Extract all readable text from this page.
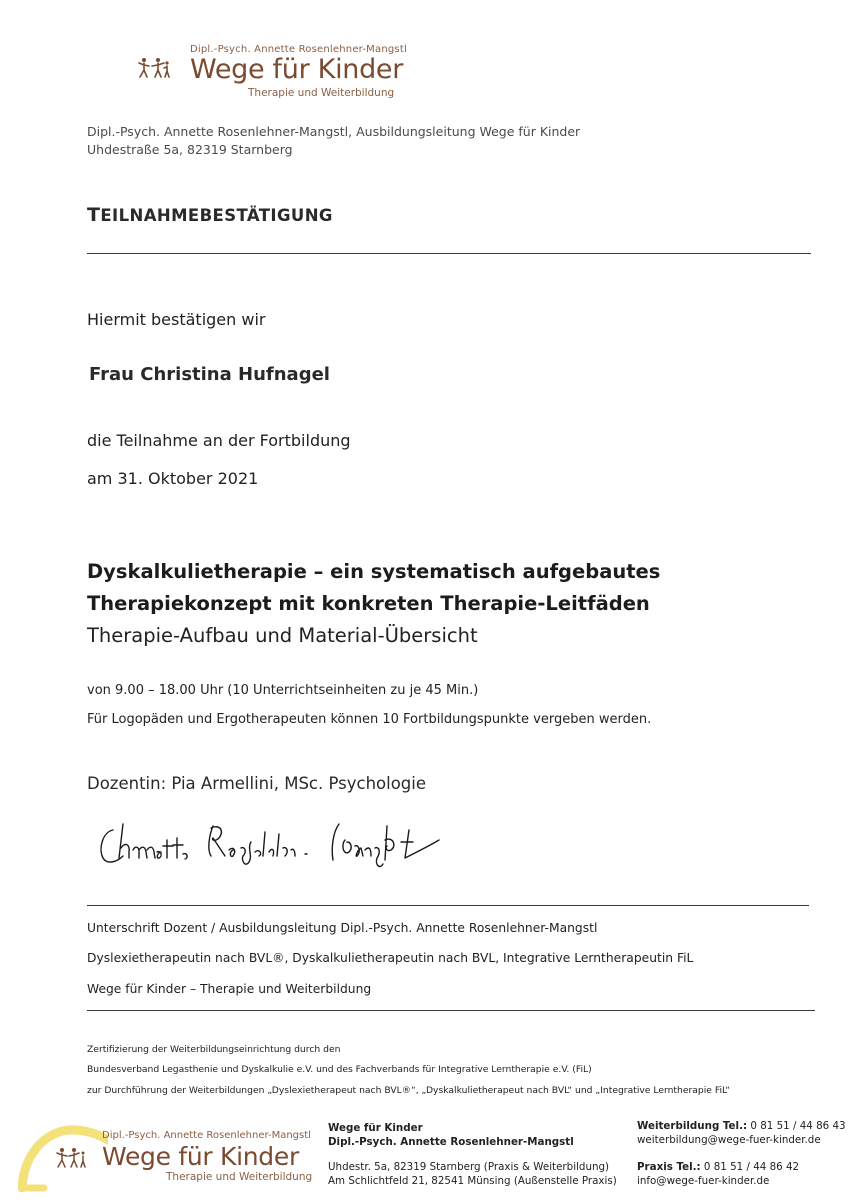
Dipl.-Psych. Annette Rosenlehner-Mangstl
Wege für Kinder
Therapie und Weiterbildung
Dipl.-Psych. Annette Rosenlehner-Mangstl, Ausbildungsleitung Wege für Kinder
Uhdestraße 5a, 82319 Starnberg
TEILNAHMEBESTÄTIGUNG
Hiermit bestätigen wir
Frau Christina Hufnagel
die Teilnahme an der Fortbildung
am 31. Oktober 2021
Dyskalkulietherapie – ein systematisch aufgebautes
Therapiekonzept mit konkreten Therapie-Leitfäden
Therapie-Aufbau und Material-Übersicht
von 9.00 – 18.00 Uhr (10 Unterrichtseinheiten zu je 45 Min.)
Für Logopäden und Ergotherapeuten können 10 Fortbildungspunkte vergeben werden.
Dozentin: Pia Armellini, MSc. Psychologie
Unterschrift Dozent / Ausbildungsleitung Dipl.-Psych. Annette Rosenlehner-Mangstl
Dyslexietherapeutin nach BVL®, Dyskalkulietherapeutin nach BVL, Integrative Lerntherapeutin FiL
Wege für Kinder – Therapie und Weiterbildung
Zertifizierung der Weiterbildungseinrichtung durch den
Bundesverband Legasthenie und Dyskalkulie e.V. und des Fachverbands für Integrative Lerntherapie e.V. (FiL)
zur Durchführung der Weiterbildungen „Dyslexietherapeut nach BVL®“, „Dyskalkulietherapeut nach BVL“ und „Integrative Lerntherapie FiL“
Dipl.-Psych. Annette Rosenlehner-Mangstl
Wege für Kinder
Therapie und Weiterbildung
Wege für Kinder
Dipl.-Psych. Annette Rosenlehner-Mangstl
Uhdestr. 5a, 82319 Starnberg (Praxis & Weiterbildung)
Am Schlichtfeld 21, 82541 Münsing (Außenstelle Praxis)
Weiterbildung Tel.: 0 81 51 / 44 86 43
weiterbildung@wege-fuer-kinder.de
Praxis Tel.: 0 81 51 / 44 86 42
info@wege-fuer-kinder.de
